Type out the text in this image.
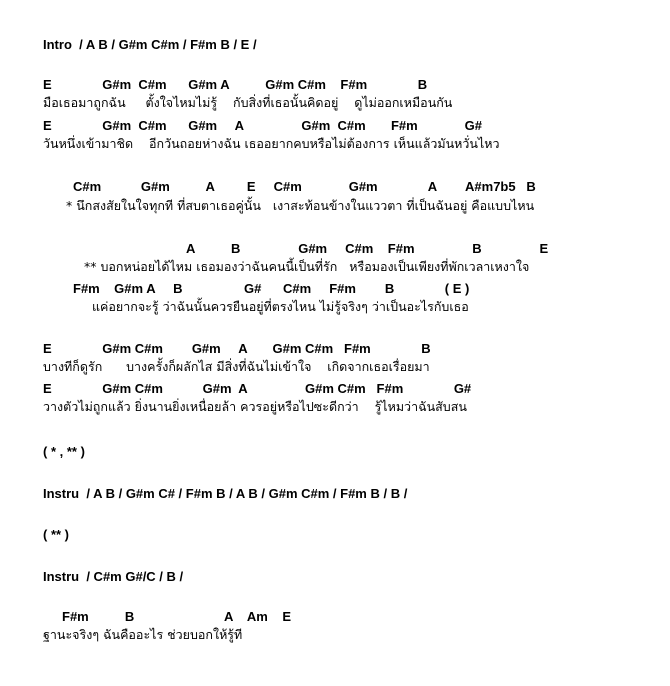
Intro  / A B / G#m C#m / F#m B / E /
E              G#m  C#m      G#m A          G#m C#m    F#m              B
มือเธอมาถูกฉัน     ตั้งใจไหมไม่รู้    กับสิ่งที่เธอนั้นคิดอยู่    ดูไม่ออกเหมือนกัน
E              G#m  C#m      G#m     A                G#m  C#m       F#m             G#
วันหนึ่งเข้ามาชิด    อีกวันถอยห่างฉัน เธออยากคบหรือไม่ต้องการ เห็นแล้วมันหวั่นไหว
C#m           G#m          A         E     C#m             G#m              A        A#m7b5   B
* นึกสงสัยในใจทุกที ที่สบตาเธอคู่นั้น   เงาสะท้อนข้างในแววตา ที่เป็นฉันอยู่ คือแบบไหน
A          B                G#m     C#m    F#m                B                E
** บอกหน่อยได้ไหม เธอมองว่าฉันคนนี้เป็นที่รัก   หรือมองเป็นเพียงที่พักเวลาเหงาใจ
F#m    G#m A     B                 G#      C#m     F#m        B              ( E )
แค่อยากจะรู้ ว่าฉันนั้นควรยืนอยู่ที่ตรงไหน ไม่รู้จริงๆ ว่าเป็นอะไรกับเธอ
E              G#m C#m        G#m     A       G#m C#m   F#m              B
บางทีก็ดูรัก      บางครั้งก็ผลักไส มีสิ่งที่ฉันไม่เข้าใจ    เกิดจากเธอเรื่อยมา
E              G#m C#m           G#m  A                G#m C#m   F#m              G#
วางตัวไม่ถูกแล้ว ยิ่งนานยิ่งเหนื่อยล้า ควรอยู่หรือไปซะดีกว่า    รู้ไหมว่าฉันสับสน
( * , ** )
Instru  / A B / G#m C# / F#m B / A B / G#m C#m / F#m B / B /
( ** )
Instru  / C#m G#/C / B /
F#m          B                         A    Am    E
ฐานะจริงๆ ฉันคืออะไร ช่วยบอกให้รู้ที
